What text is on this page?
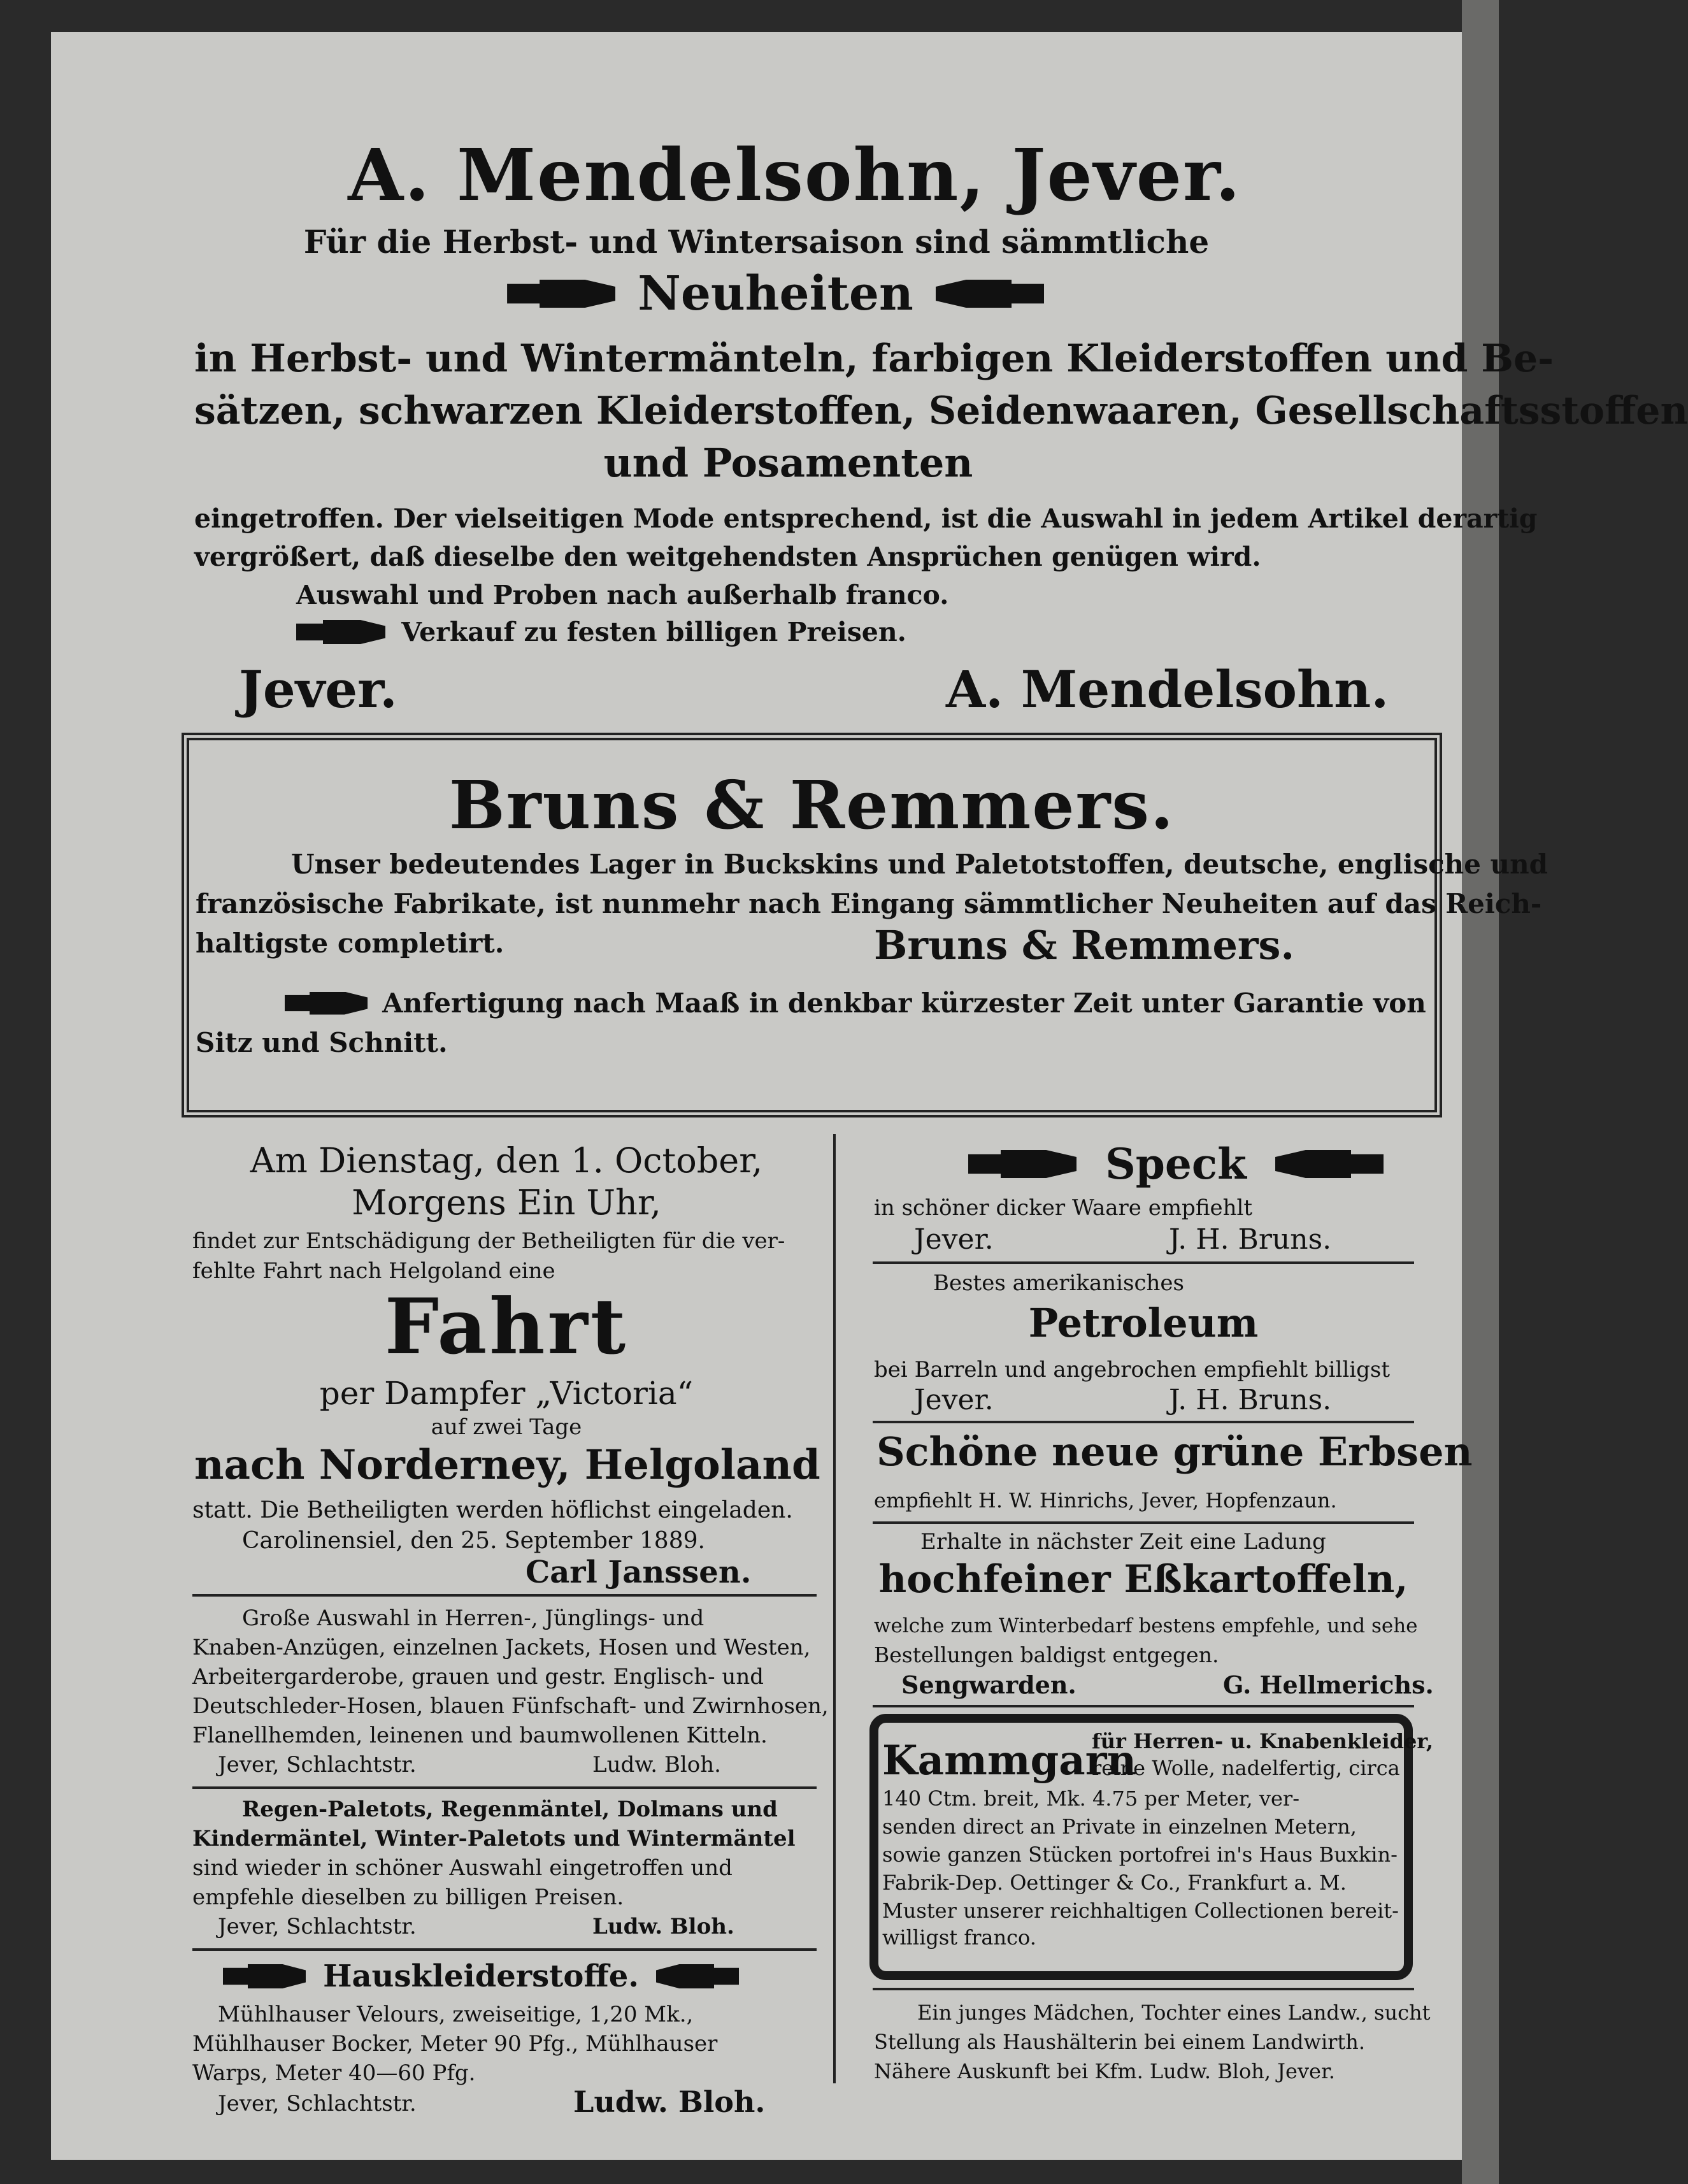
A. Mendelsohn, Jever.
Für die Herbst- und Wintersaison sind sämmtliche
Neuheiten
in Herbst- und Wintermänteln, farbigen Kleiderstoffen und Be-
sätzen, schwarzen Kleiderstoffen, Seidenwaaren, Gesellschaftsstoffen
und Posamenten
eingetroffen. Der vielseitigen Mode entsprechend, ist die Auswahl in jedem Artikel derartig
vergrößert, daß dieselbe den weitgehendsten Ansprüchen genügen wird.
Auswahl und Proben nach außerhalb franco.
Verkauf zu festen billigen Preisen.
Jever.	A. Mendelsohn.
Bruns & Remmers.
Unser bedeutendes Lager in Buckskins und Paletotstoffen, deutsche, englische und
französische Fabrikate, ist nunmehr nach Eingang sämmtlicher Neuheiten auf das Reich-
haltigste completirt.	Bruns & Remmers.
Anfertigung nach Maaß in denkbar kürzester Zeit unter Garantie von
Sitz und Schnitt.
Am Dienstag, den 1. October,
Morgens Ein Uhr,
findet zur Entschädigung der Betheiligten für die ver-
fehlte Fahrt nach Helgoland eine
Fahrt
per Dampfer „Victoria“
auf zwei Tage
nach Norderney, Helgoland
statt. Die Betheiligten werden höflichst eingeladen.
Carolinensiel, den 25. September 1889.
Carl Janssen.
Große Auswahl in Herren-, Jünglings- und
Knaben-Anzügen, einzelnen Jackets, Hosen und Westen,
Arbeitergarderobe, grauen und gestr. Englisch- und
Deutschleder-Hosen, blauen Fünfschaft- und Zwirnhosen,
Flanellhemden, leinenen und baumwollenen Kitteln.
Jever, Schlachtstr.	Ludw. Bloh.
Regen-Paletots, Regenmäntel, Dolmans und
Kindermäntel, Winter-Paletots und Wintermäntel
sind wieder in schöner Auswahl eingetroffen und
empfehle dieselben zu billigen Preisen.
Jever, Schlachtstr.	Ludw. Bloh.
Hauskleiderstoffe.
Mühlhauser Velours, zweiseitige, 1,20 Mk.,
Mühlhauser Bocker, Meter 90 Pfg., Mühlhauser
Warps, Meter 40—60 Pfg.
Jever, Schlachtstr.	Ludw. Bloh.
Speck
in schöner dicker Waare empfiehlt
Jever.	J. H. Bruns.
Bestes amerikanisches
Petroleum
bei Barreln und angebrochen empfiehlt billigst
Jever.	J. H. Bruns.
Schöne neue grüne Erbsen
empfiehlt H. W. Hinrichs, Jever, Hopfenzaun.
Erhalte in nächster Zeit eine Ladung
hochfeiner Eßkartoffeln,
welche zum Winterbedarf bestens empfehle, und sehe
Bestellungen baldigst entgegen.
Sengwarden.	G. Hellmerichs.
Kammgarn
für Herren- u. Knabenkleider,
reine Wolle, nadelfertig, circa
140 Ctm. breit, Mk. 4.75 per Meter, ver-
senden direct an Private in einzelnen Metern,
sowie ganzen Stücken portofrei in's Haus Buxkin-
Fabrik-Dep. Oettinger & Co., Frankfurt a. M.
Muster unserer reichhaltigen Collectionen bereit-
willigst franco.
Ein junges Mädchen, Tochter eines Landw., sucht
Stellung als Haushälterin bei einem Landwirth.
Nähere Auskunft bei Kfm. Ludw. Bloh, Jever.
